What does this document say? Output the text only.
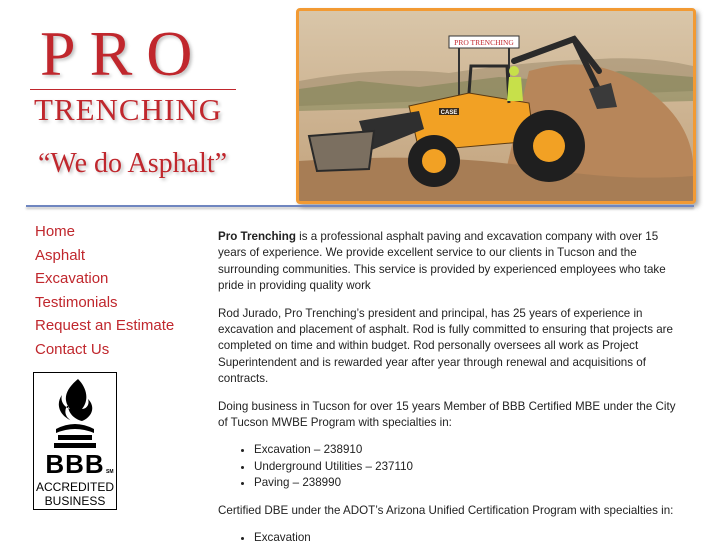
PRO
TRENCHING
“We do Asphalt”
PRO TRENCHING
CASE
Home
Asphalt
Excavation
Testimonials
Request an Estimate
Contact Us
BBB SM
ACCREDITED
BUSINESS

Pro Trenching is a professional asphalt paving and excavation company with over 15 years of experience. We provide excellent service to our clients in Tucson and the surrounding communities. This service is provided by experienced employees who take pride in providing quality work

Rod Jurado, Pro Trenching’s president and principal, has 25 years of experience in excavation and placement of asphalt. Rod is fully committed to ensuring that projects are completed on time and within budget. Rod personally oversees all work as Project Superintendent and is rewarded year after year through renewal and acquisitions of contracts.

Doing business in Tucson for over 15 years Member of BBB Certified MBE under the City of Tucson MWBE Program with specialties in:

• Excavation – 238910
• Underground Utilities – 237110
• Paving – 238990

Certified DBE under the ADOT’s Arizona Unified Certification Program with specialties in:

• Excavation
